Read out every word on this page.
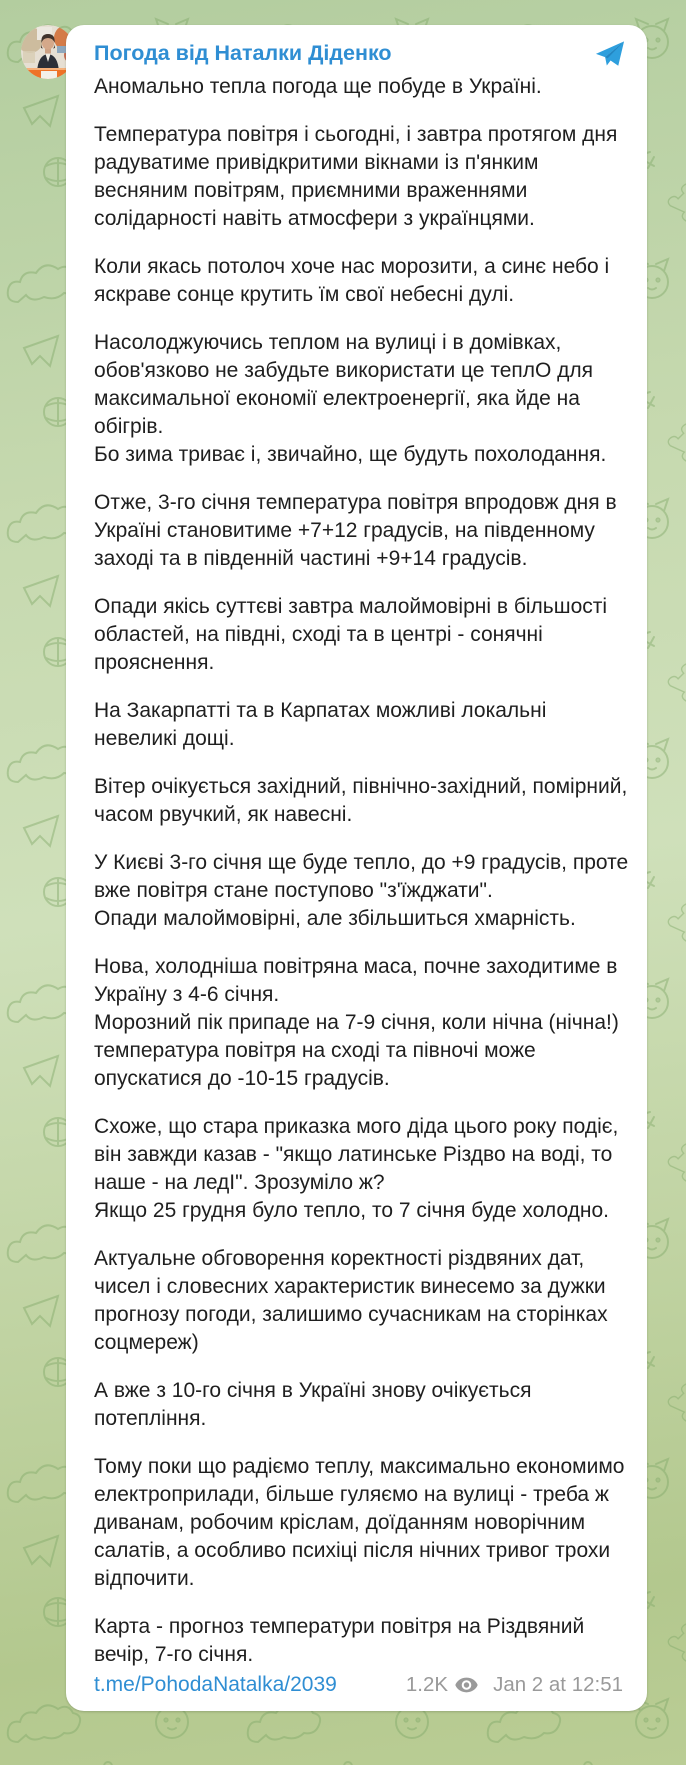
Погода від Наталки Діденко
Аномально тепла погода ще побуде в Україні.
Температура повітря і сьогодні, і завтра протягом дня
радуватиме привідкритими вікнами із п'янким
весняним повітрям, приємними враженнями
солідарності навіть атмосфери з українцями.
Коли якась потолоч хоче нас морозити, а синє небо і
яскраве сонце крутить їм свої небесні дулі.
Насолоджуючись теплом на вулиці і в домівках,
обов'язково не забудьте використати це теплО для
максимальної економії електроенергії, яка йде на
обігрів.
Бо зима триває і, звичайно, ще будуть похолодання.
Отже, 3-го січня температура повітря впродовж дня в
Україні становитиме +7+12 градусів, на південному
заході та в південній частині +9+14 градусів.
Опади якісь суттєві завтра малоймовірні в більшості
областей, на півдні, сході та в центрі - сонячні
прояснення.
На Закарпатті та в Карпатах можливі локальні
невеликі дощі.
Вітер очікується західний, північно-західний, помірний,
часом рвучкий, як навесні.
У Києві 3-го січня ще буде тепло, до +9 градусів, проте
вже повітря стане поступово "з'їжджати".
Опади малоймовірні, але збільшиться хмарність.
Нова, холодніша повітряна маса, почне заходитиме в
Україну з 4-6 січня.
Морозний пік припаде на 7-9 січня, коли нічна (нічна!)
температура повітря на сході та півночі може
опускатися до -10-15 градусів.
Схоже, що стара приказка мого діда цього року подіє,
він завжди казав - "якщо латинське Різдво на воді, то
наше - на ледІ". Зрозуміло ж?
Якщо 25 грудня було тепло, то 7 січня буде холодно.
Актуальне обговорення коректності різдвяних дат,
чисел і словесних характеристик винесемо за дужки
прогнозу погоди, залишимо сучасникам на сторінках
соцмереж)
А вже з 10-го січня в Україні знову очікується
потепління.
Тому поки що радіємо теплу, максимально економимо
електроприлади, більше гуляємо на вулиці - треба ж
диванам, робочим кріслам, доїданням новорічним
салатів, а особливо психіці після нічних тривог трохи
відпочити.
Карта - прогноз температури повітря на Різдвяний
вечір, 7-го січня.
t.me/PohodaNatalka/2039	1.2K Jan 2 at 12:51
